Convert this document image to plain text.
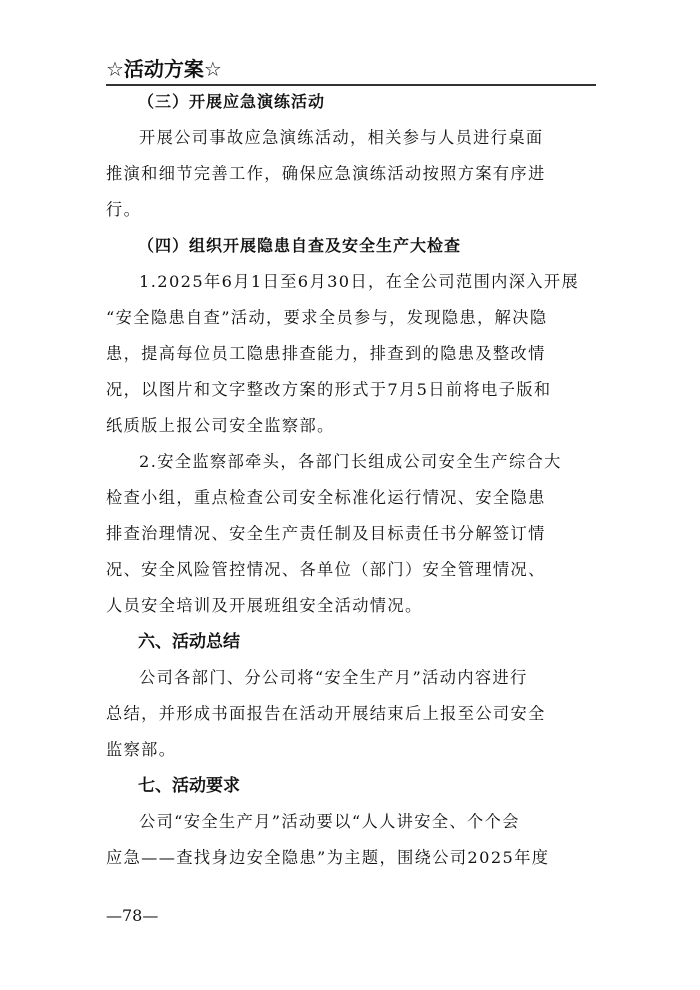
☆活动方案☆

（三）开展应急演练活动

开展公司事故应急演练活动，相关参与人员进行桌面
推演和细节完善工作，确保应急演练活动按照方案有序进
行。

（四）组织开展隐患自查及安全生产大检查

1.2025年6月1日至6月30日，在全公司范围内深入开展
“安全隐患自查”活动，要求全员参与，发现隐患，解决隐
患，提高每位员工隐患排查能力，排查到的隐患及整改情
况，以图片和文字整改方案的形式于7月5日前将电子版和
纸质版上报公司安全监察部。

2.安全监察部牵头，各部门长组成公司安全生产综合大
检查小组，重点检查公司安全标准化运行情况、安全隐患
排查治理情况、安全生产责任制及目标责任书分解签订情
况、安全风险管控情况、各单位（部门）安全管理情况、
人员安全培训及开展班组安全活动情况。

六、活动总结

公司各部门、分公司将“安全生产月”活动内容进行
总结，并形成书面报告在活动开展结束后上报至公司安全
监察部。

七、活动要求

公司“安全生产月”活动要以“人人讲安全、个个会
应急——查找身边安全隐患”为主题，围绕公司2025年度

—78—
